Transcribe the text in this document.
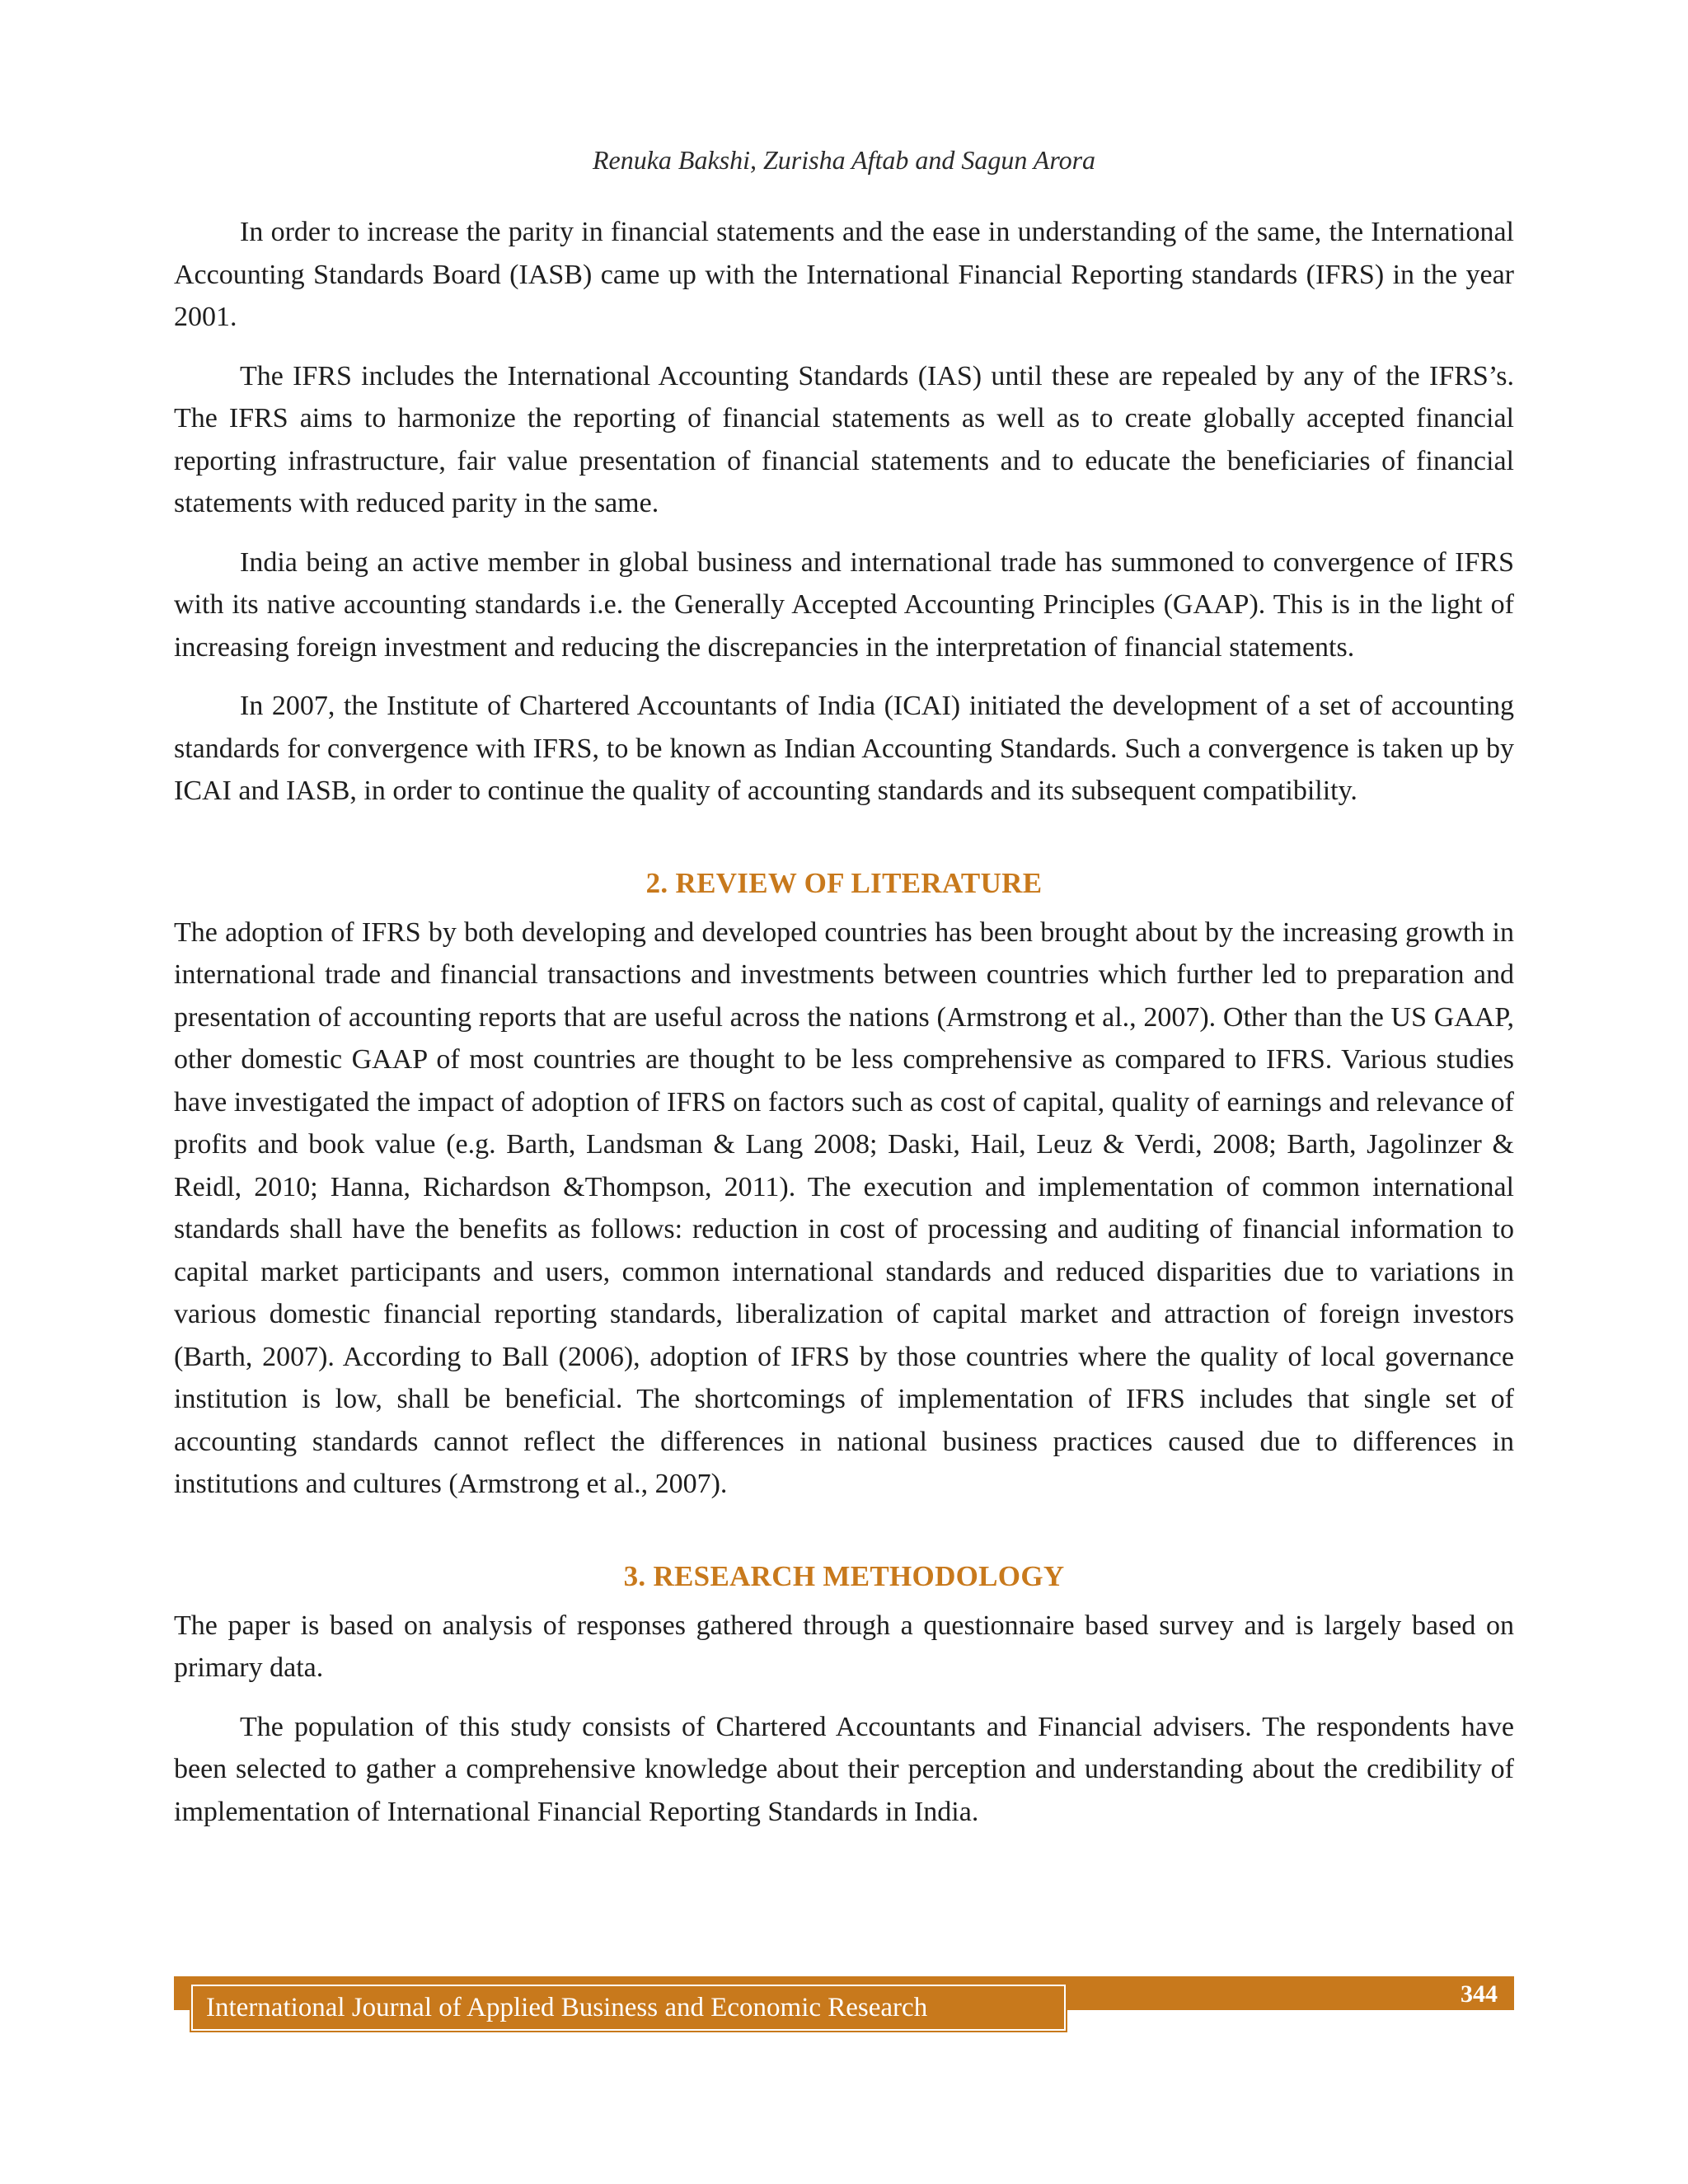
Renuka Bakshi, Zurisha Aftab and Sagun Arora

In order to increase the parity in financial statements and the ease in understanding of the same, the International Accounting Standards Board (IASB) came up with the International Financial Reporting standards (IFRS) in the year 2001.

The IFRS includes the International Accounting Standards (IAS) until these are repealed by any of the IFRS’s. The IFRS aims to harmonize the reporting of financial statements as well as to create globally accepted financial reporting infrastructure, fair value presentation of financial statements and to educate the beneficiaries of financial statements with reduced parity in the same.

India being an active member in global business and international trade has summoned to convergence of IFRS with its native accounting standards i.e. the Generally Accepted Accounting Principles (GAAP). This is in the light of increasing foreign investment and reducing the discrepancies in the interpretation of financial statements.

In 2007, the Institute of Chartered Accountants of India (ICAI) initiated the development of a set of accounting standards for convergence with IFRS, to be known as Indian Accounting Standards. Such a convergence is taken up by ICAI and IASB, in order to continue the quality of accounting standards and its subsequent compatibility.

2. REVIEW OF LITERATURE

The adoption of IFRS by both developing and developed countries has been brought about by the increasing growth in international trade and financial transactions and investments between countries which further led to preparation and presentation of accounting reports that are useful across the nations (Armstrong et al., 2007). Other than the US GAAP, other domestic GAAP of most countries are thought to be less comprehensive as compared to IFRS. Various studies have investigated the impact of adoption of IFRS on factors such as cost of capital, quality of earnings and relevance of profits and book value (e.g. Barth, Landsman & Lang 2008; Daski, Hail, Leuz & Verdi, 2008; Barth, Jagolinzer & Reidl, 2010; Hanna, Richardson &Thompson, 2011). The execution and implementation of common international standards shall have the benefits as follows: reduction in cost of processing and auditing of financial information to capital market participants and users, common international standards and reduced disparities due to variations in various domestic financial reporting standards, liberalization of capital market and attraction of foreign investors (Barth, 2007). According to Ball (2006), adoption of IFRS by those countries where the quality of local governance institution is low, shall be beneficial. The shortcomings of implementation of IFRS includes that single set of accounting standards cannot reflect the differences in national business practices caused due to differences in institutions and cultures (Armstrong et al., 2007).

3. RESEARCH METHODOLOGY

The paper is based on analysis of responses gathered through a questionnaire based survey and is largely based on primary data.

The population of this study consists of Chartered Accountants and Financial advisers. The respondents have been selected to gather a comprehensive knowledge about their perception and understanding about the credibility of implementation of International Financial Reporting Standards in India.

International Journal of Applied Business and Economic Research	344
